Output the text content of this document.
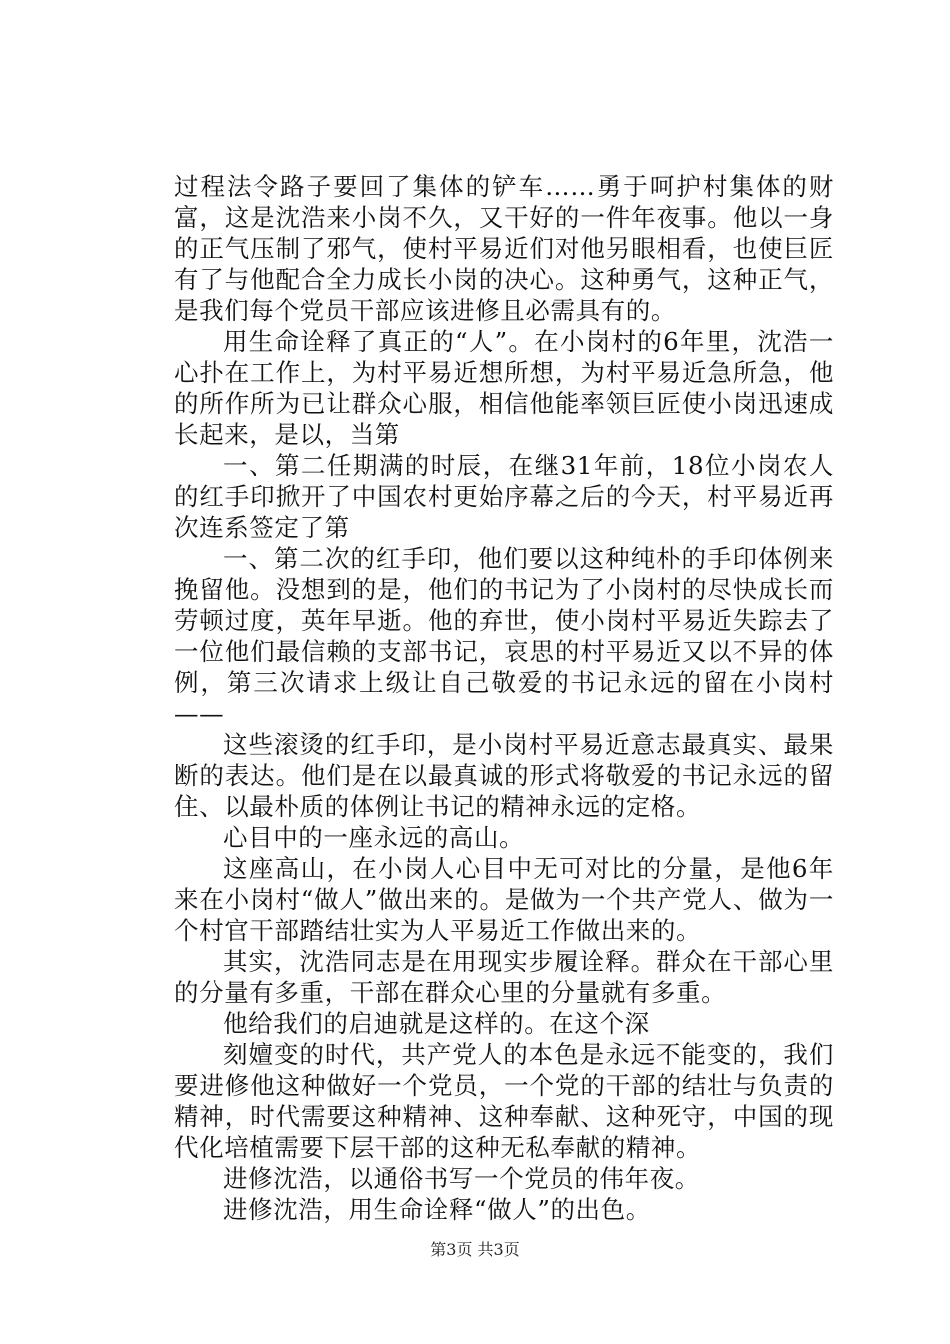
过程法令路子要回了集体的铲车……勇于呵护村集体的财富，这是沈浩来小岗不久，又干好的一件年夜事。他以一身的正气压制了邪气，使村平易近们对他另眼相看，也使巨匠有了与他配合全力成长小岗的决心。这种勇气，这种正气，是我们每个党员干部应该进修且必需具有的。

用生命诠释了真正的“人”。在小岗村的6年里，沈浩一心扑在工作上，为村平易近想所想，为村平易近急所急，他的所作所为已让群众心服，相信他能率领巨匠使小岗迅速成长起来，是以，当第

一、第二任期满的时辰，在继31年前，18位小岗农人的红手印掀开了中国农村更始序幕之后的今天，村平易近再次连系签定了第

一、第二次的红手印，他们要以这种纯朴的手印体例来挽留他。没想到的是，他们的书记为了小岗村的尽快成长而劳顿过度，英年早逝。他的弃世，使小岗村平易近失踪去了一位他们最信赖的支部书记，哀思的村平易近又以不异的体例，第三次请求上级让自己敬爱的书记永远的留在小岗村——

这些滚烫的红手印，是小岗村平易近意志最真实、最果断的表达。他们是在以最真诚的形式将敬爱的书记永远的留住、以最朴质的体例让书记的精神永远的定格。

心目中的一座永远的高山。

这座高山，在小岗人心目中无可对比的分量，是他6年来在小岗村“做人”做出来的。是做为一个共产党人、做为一个村官干部踏结壮实为人平易近工作做出来的。

其实，沈浩同志是在用现实步履诠释。群众在干部心里的分量有多重，干部在群众心里的分量就有多重。

他给我们的启迪就是这样的。在这个深

刻嬗变的时代，共产党人的本色是永远不能变的，我们要进修他这种做好一个党员，一个党的干部的结壮与负责的精神，时代需要这种精神、这种奉献、这种死守，中国的现代化培植需要下层干部的这种无私奉献的精神。

进修沈浩，以通俗书写一个党员的伟年夜。

进修沈浩，用生命诠释“做人”的出色。

第3页 共3页
